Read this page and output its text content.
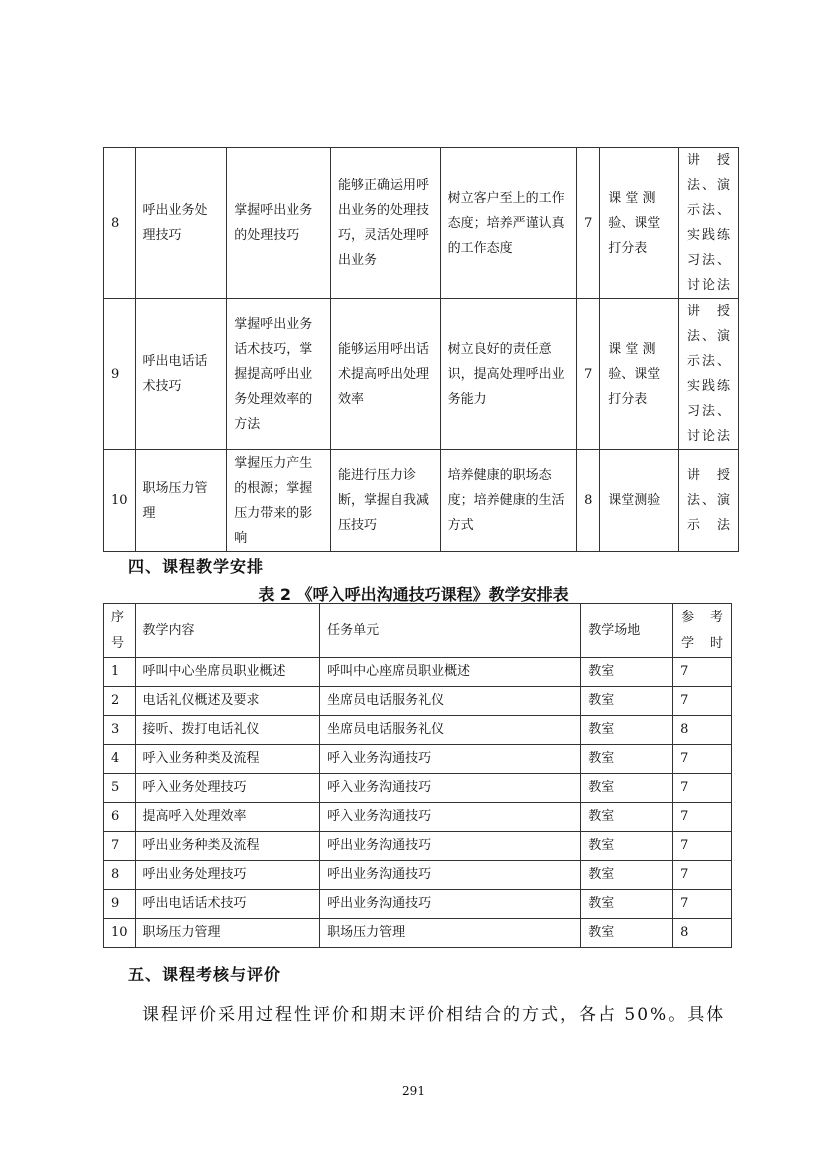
8	呼出业务处理技巧	掌握呼出业务的处理技巧	能够正确运用呼出业务的处理技巧，灵活处理呼出业务	树立客户至上的工作态度；培养严谨认真的工作态度	7	课 堂 测验、课堂打分表	讲 授法、演示法、实践练习法、讨论法
9	呼出电话话术技巧	掌握呼出业务话术技巧，掌握提高呼出业务处理效率的方法	能够运用呼出话术提高呼出处理效率	树立良好的责任意识，提高处理呼出业务能力	7	课 堂 测验、课堂打分表	讲 授法、演示法、实践练习法、讨论法
10	职场压力管理	掌握压力产生的根源；掌握压力带来的影响	能进行压力诊断，掌握自我减压技巧	培养健康的职场态度；培养健康的生活方式	8	课堂测验	讲 授法、演示法
四、课程教学安排
表 2 《呼入呼出沟通技巧课程》教学安排表
序号	教学内容	任务单元	教学场地	参 考学时
1	呼叫中心坐席员职业概述	呼叫中心座席员职业概述	教室	7
2	电话礼仪概述及要求	坐席员电话服务礼仪	教室	7
3	接听、拨打电话礼仪	坐席员电话服务礼仪	教室	8
4	呼入业务种类及流程	呼入业务沟通技巧	教室	7
5	呼入业务处理技巧	呼入业务沟通技巧	教室	7
6	提高呼入处理效率	呼入业务沟通技巧	教室	7
7	呼出业务种类及流程	呼出业务沟通技巧	教室	7
8	呼出业务处理技巧	呼出业务沟通技巧	教室	7
9	呼出电话话术技巧	呼出业务沟通技巧	教室	7
10	职场压力管理	职场压力管理	教室	8
五、课程考核与评价
课程评价采用过程性评价和期末评价相结合的方式，各占 50%。具体
291
